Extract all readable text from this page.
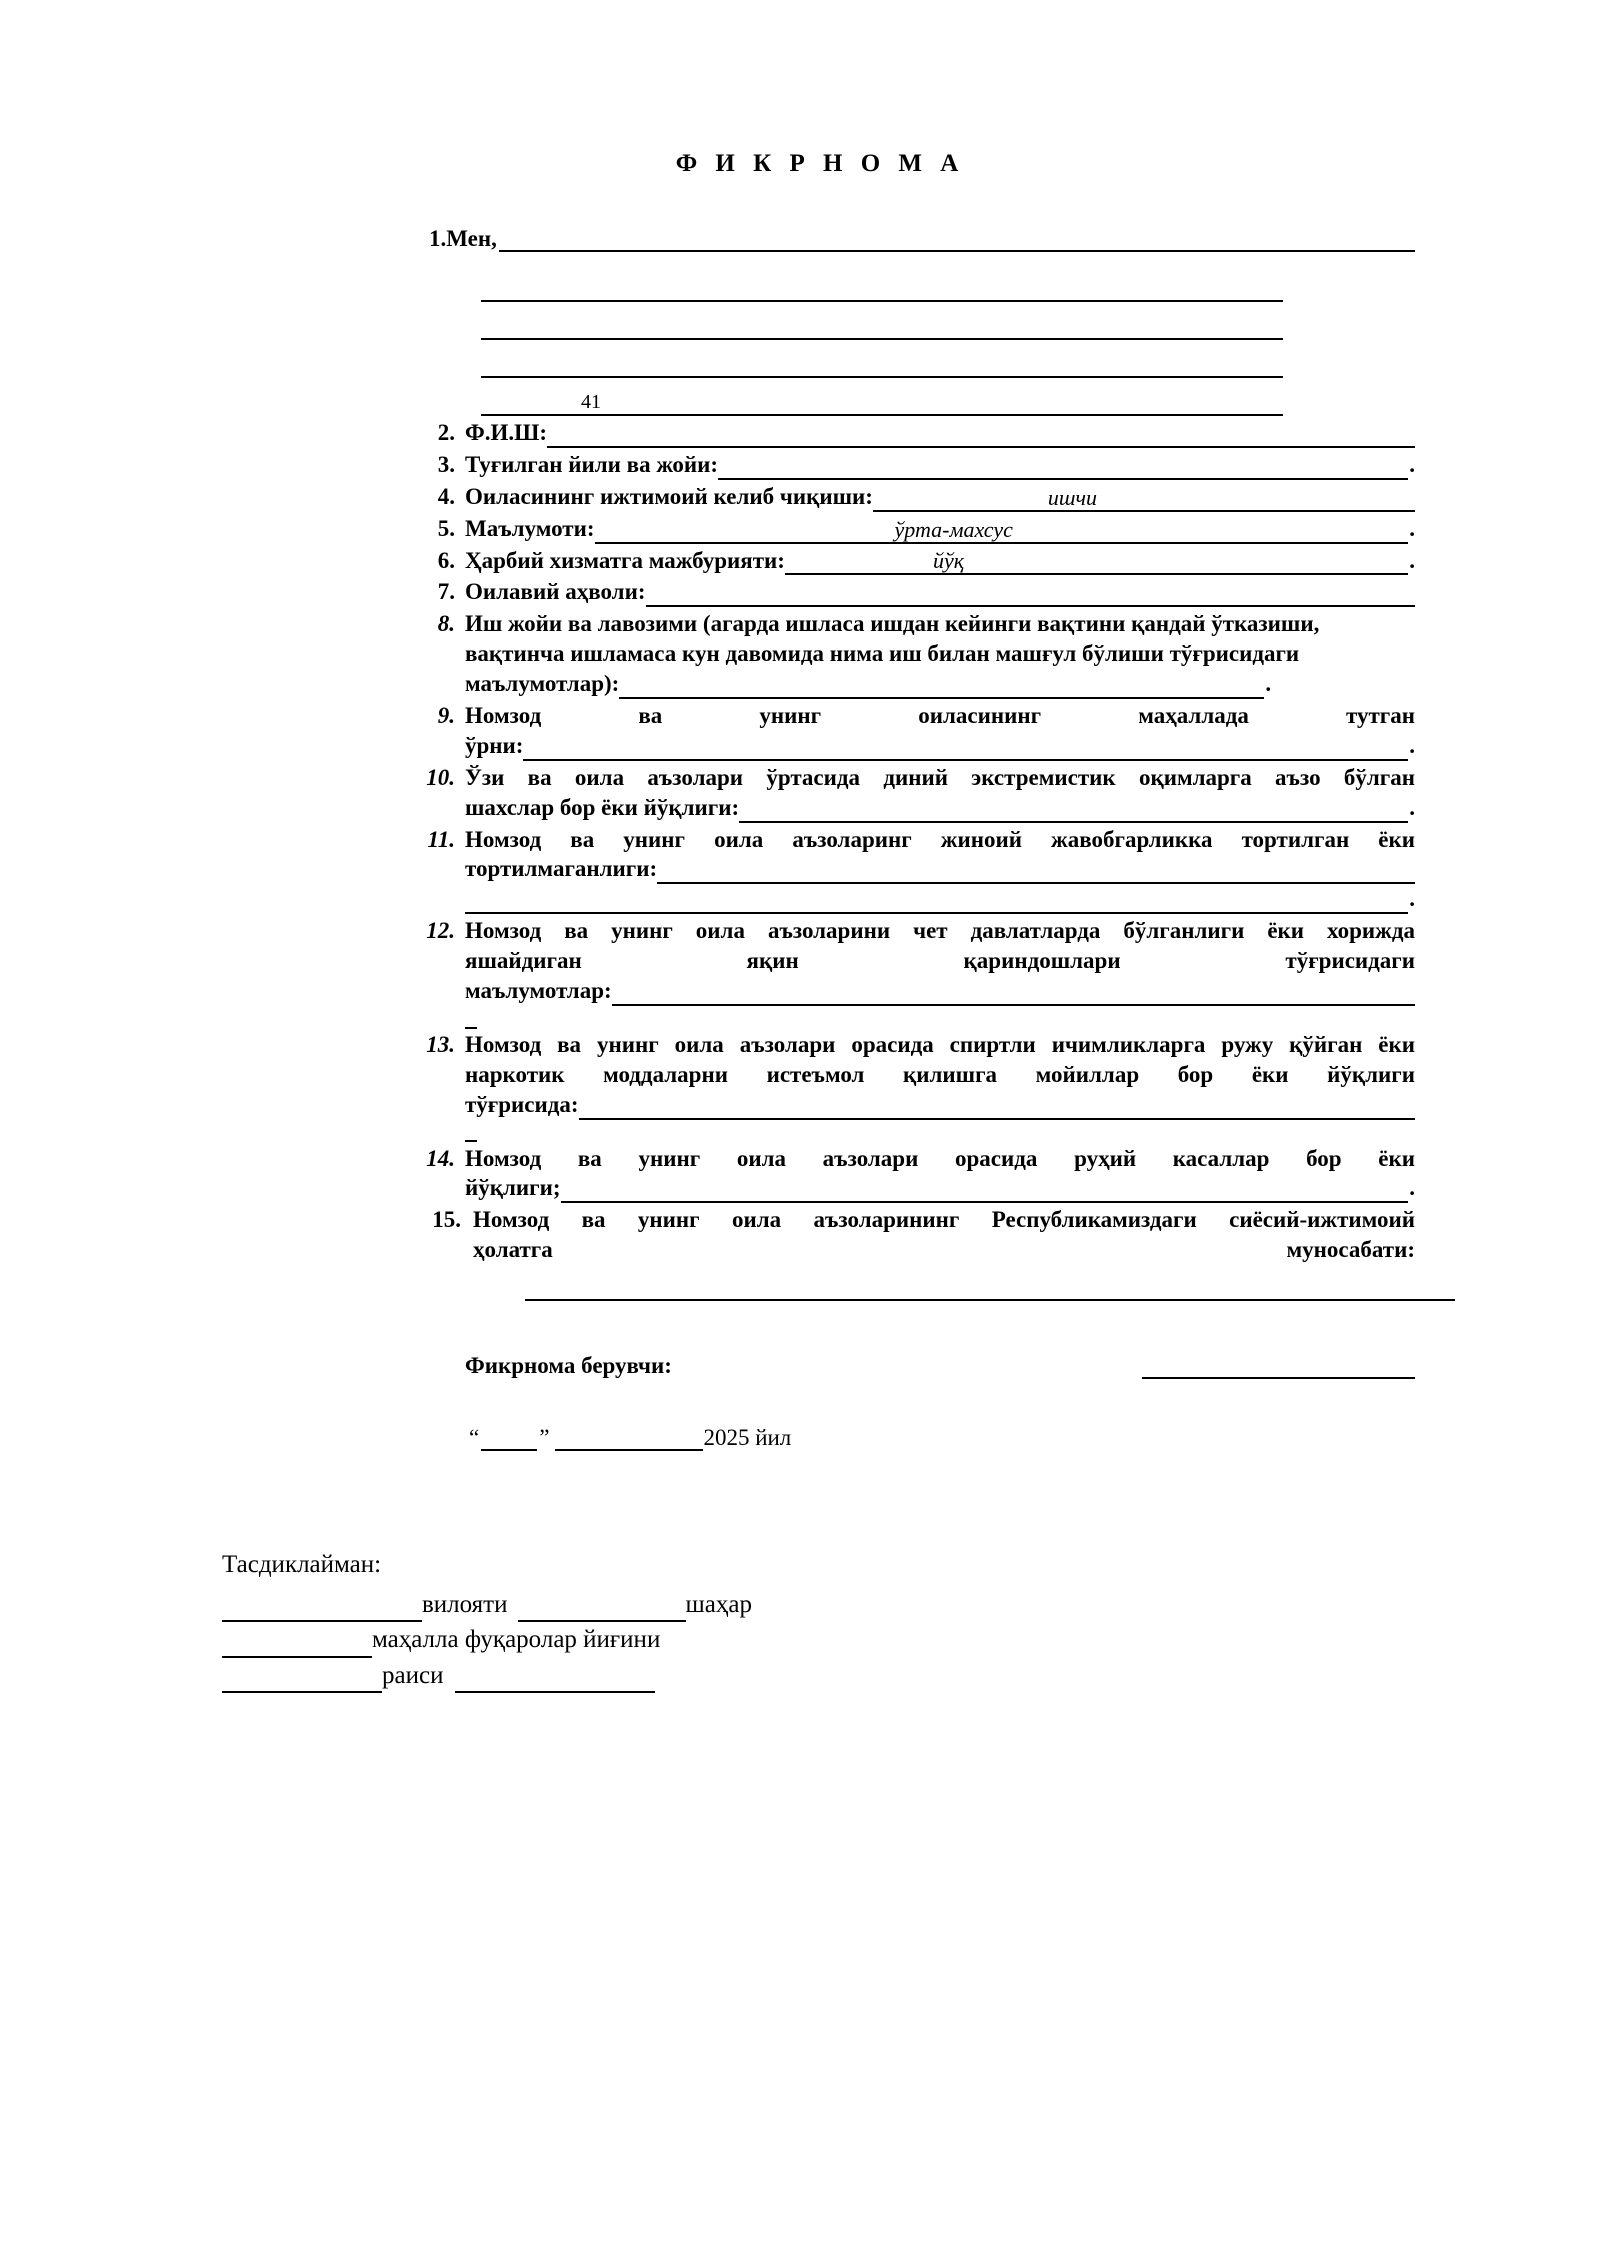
Ф И К Р Н О М А
1.Мен,
41
2. Ф.И.Ш:
3. Туғилган йили ва жойи:	.
4. Оиласининг ижтимоий келиб чиқиши:	ишчи
5. Маълумоти:	ўрта-махсус	.
6. Ҳарбий хизматга мажбурияти:	йўқ	.
7. Оилавий аҳволи:
8. Иш жойи ва лавозими (агарда ишласа ишдан кейинги вақтини қандай ўтказиши,
вақтинча ишламаса кун давомида нима иш билан машғул бўлиши тўғрисидаги
маълумотлар):	.
9. Номзод ва унинг оиласининг маҳаллада тутган
ўрни:	.
10. Ўзи ва оила аъзолари ўртасида диний экстремистик оқимларга аъзо бўлган
шахслар бор ёки йўқлиги:	.
11. Номзод ва унинг оила аъзоларинг жиноий жавобгарликка тортилган ёки
тортилмаганлиги:
.
12. Номзод ва унинг оила аъзоларини чет давлатларда бўлганлиги ёки хорижда
яшайдиган яқин қариндошлари тўғрисидаги
маълумотлар:
13. Номзод ва унинг оила аъзолари орасида спиртли ичимликларга ружу қўйган ёки
наркотик моддаларни истеъмол қилишга мойиллар бор ёки йўқлиги
тўғрисида:
14. Номзод ва унинг оила аъзолари орасида руҳий касаллар бор ёки
йўқлиги;	.
15. Номзод ва унинг оила аъзоларининг Республикамиздаги сиёсий-ижтимоий
ҳолатга	муносабати:
Фикрнома берувчи:
“	”	2025 йил
Тасдиклайман:
вилояти	шаҳар
маҳалла фуқаролар йиғини
раиси
